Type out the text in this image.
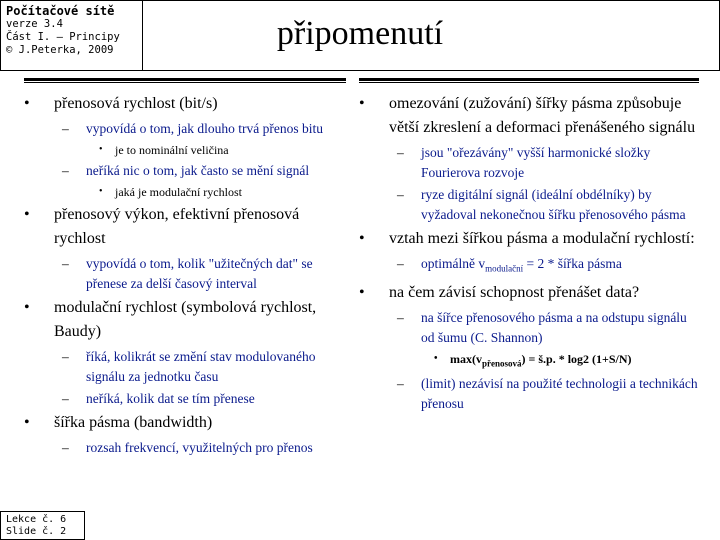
Počítačové sítě
verze 3.4
Část I. – Principy
© J.Peterka, 2009	připomenutí
• přenosová rychlost (bit/s)
– vypovídá o tom, jak dlouho trvá přenos bitu
• je to nominální veličina
– neříká nic o tom, jak často se mění signál
• jaká je modulační rychlost
• přenosový výkon, efektivní přenosová rychlost
– vypovídá o tom, kolik "užitečných dat" se přenese za delší časový interval
• modulační rychlost (symbolová rychlost, Baudy)
– říká, kolikrát se změní stav modulovaného signálu za jednotku času
– neříká, kolik dat se tím přenese
• šířka pásma (bandwidth)
– rozsah frekvencí, využitelných pro přenos
• omezování (zužování) šířky pásma způsobuje větší zkreslení a deformaci přenášeného signálu
– jsou "ořezávány" vyšší harmonické složky Fourierova rozvoje
– ryze digitální signál (ideální obdélníky) by vyžadoval nekonečnou šířku přenosového pásma
• vztah mezi šířkou pásma a modulační rychlostí:
– optimálně $v_{modulační} = 2$ * šířka pásma
• na čem závisí schopnost přenášet data?
– na šířce přenosového pásma a na odstupu signálu od šumu (C. Shannon)
• $\max(v_{přenosová})$ = š.p. * log2 (1+S/N)
– (limit) nezávisí na použité technologii a technikách přenosu
Lekce č. 6
Slide č. 2
